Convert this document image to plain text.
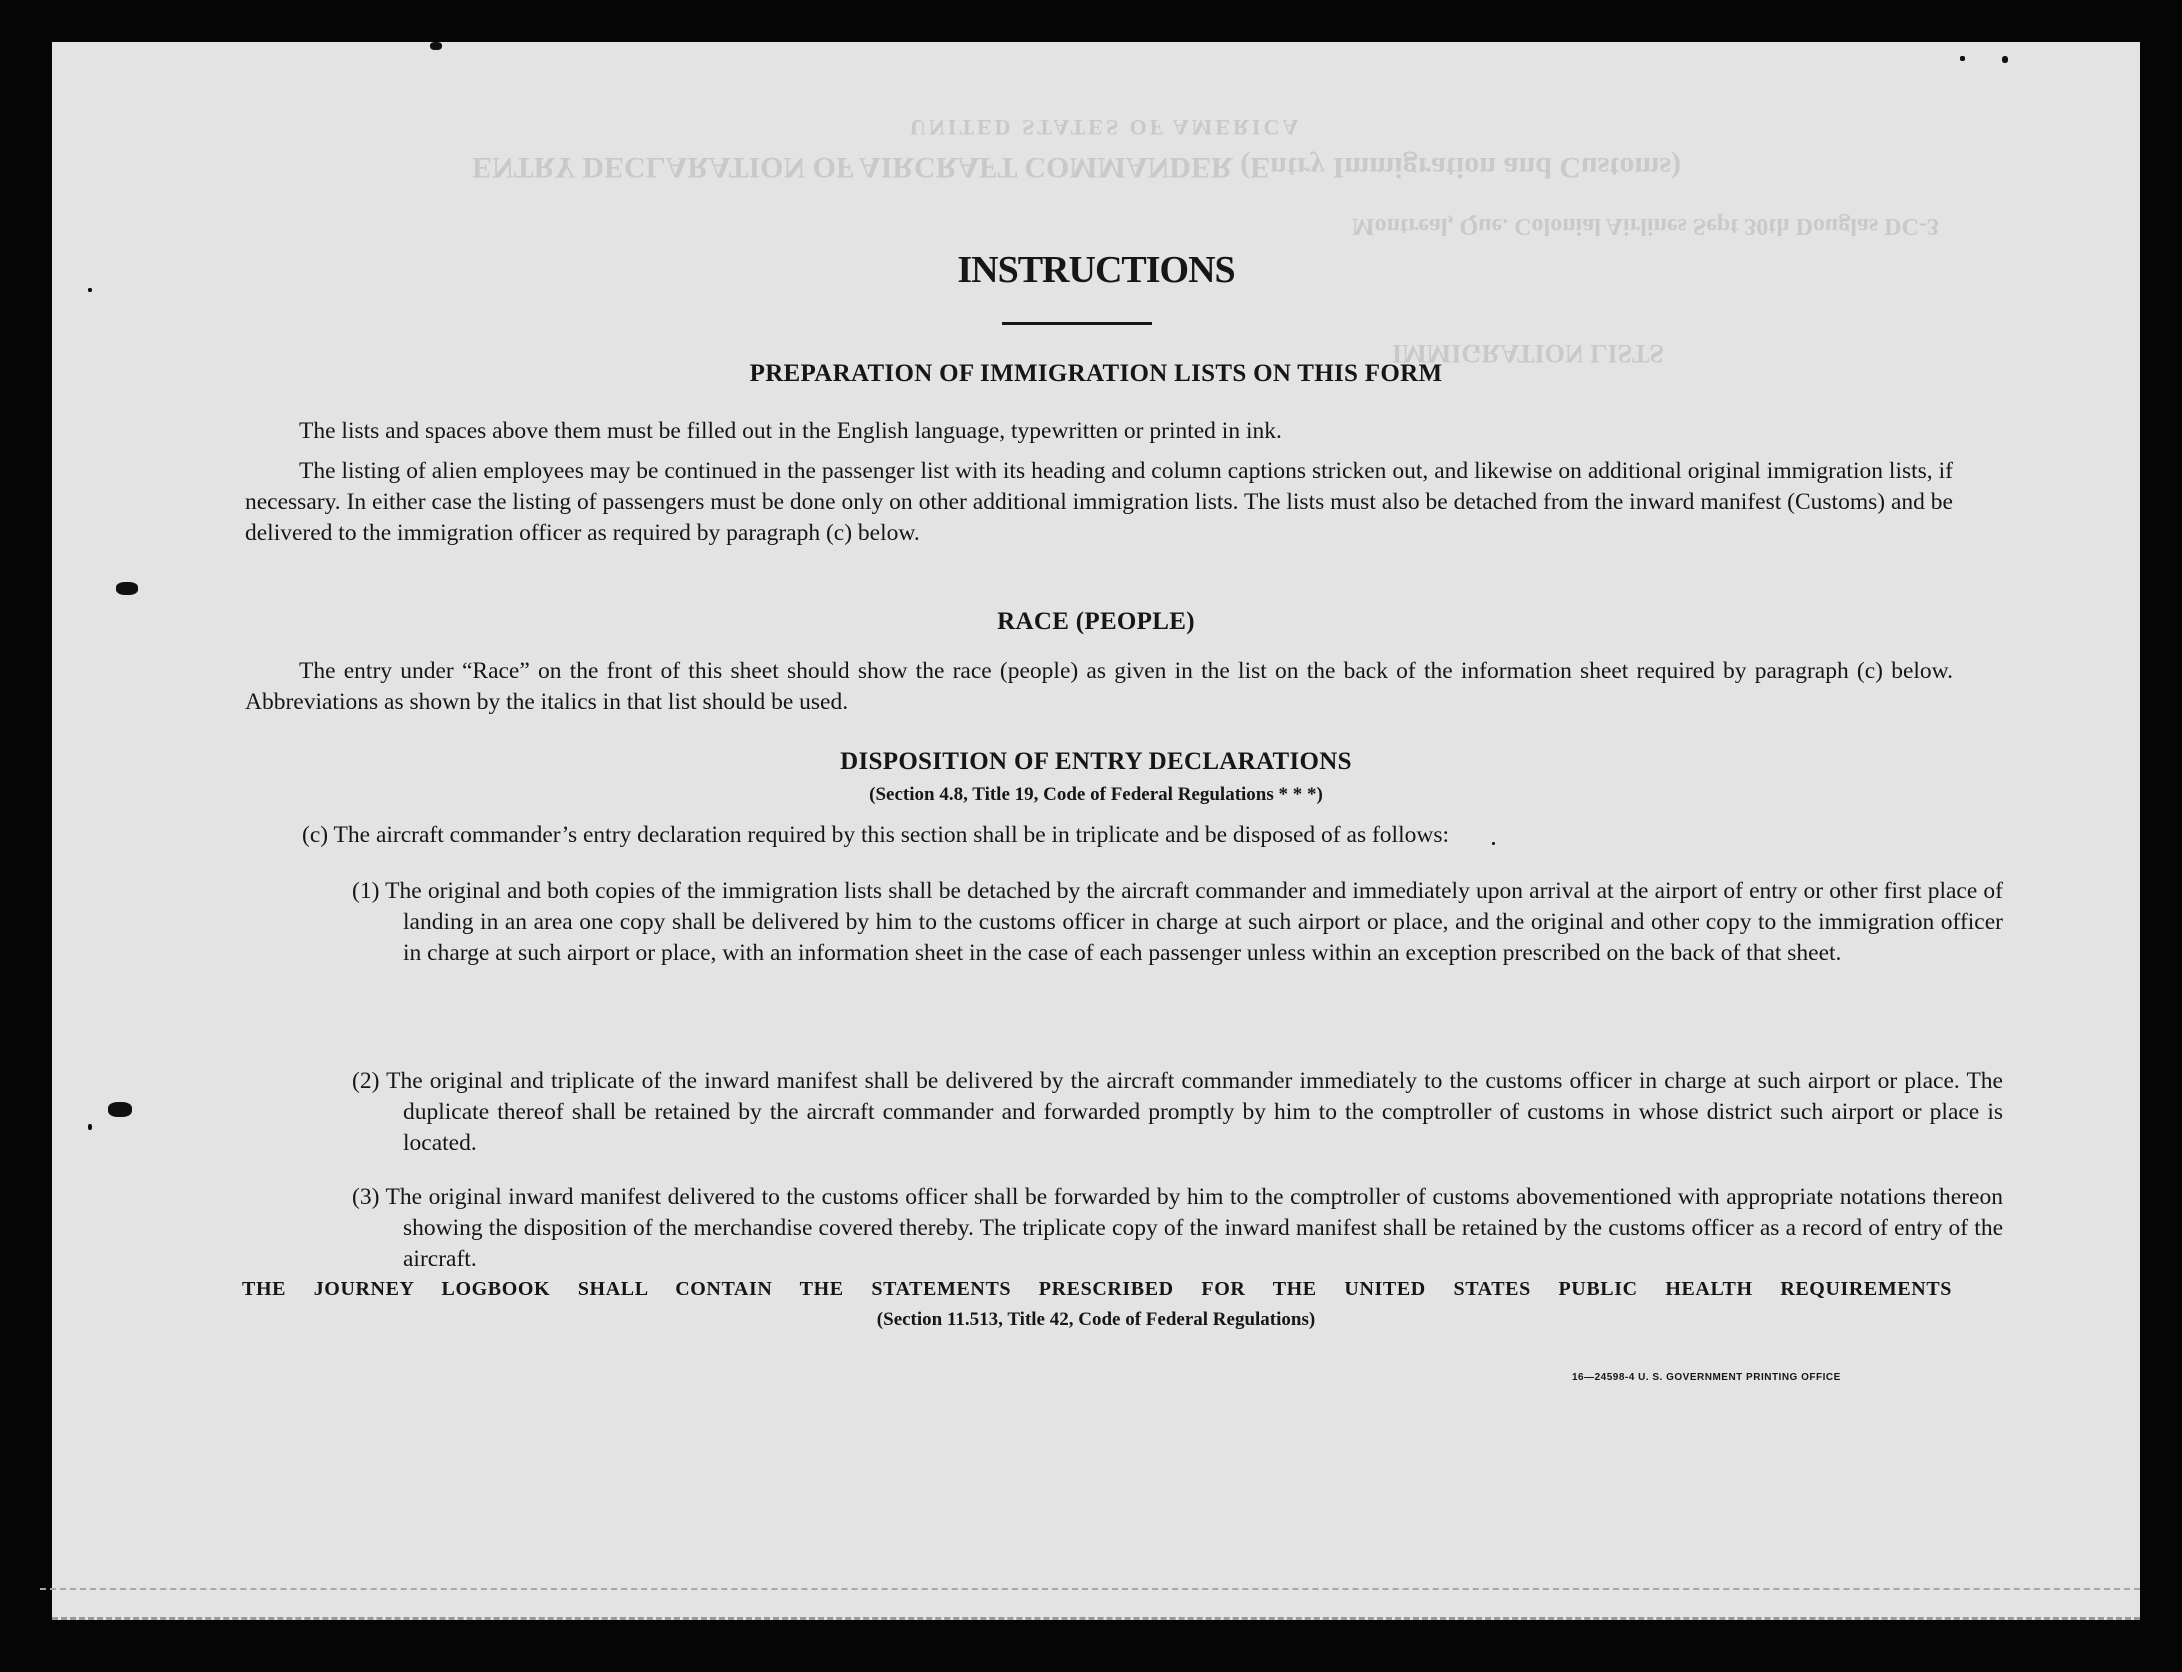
UNITED STATES OF AMERICA
ENTRY DECLARATION OF AIRCRAFT COMMANDER (Entry Immigration and Customs)
Montreal, Que. Colonial Airlines Sept 30th Douglas DC-3
IMMIGRATION LISTS
INSTRUCTIONS
PREPARATION OF IMMIGRATION LISTS ON THIS FORM

The lists and spaces above them must be filled out in the English language, typewritten or printed in ink.

The listing of alien employees may be continued in the passenger list with its heading and column captions stricken out, and likewise on additional original immigration lists, if necessary. In either case the listing of passengers must be done only on other additional immigration lists. The lists must also be detached from the inward manifest (Customs) and be delivered to the immigration officer as required by paragraph (c) below.

RACE (PEOPLE)

The entry under “Race” on the front of this sheet should show the race (people) as given in the list on the back of the information sheet required by paragraph (c) below. Abbreviations as shown by the italics in that list should be used.

DISPOSITION OF ENTRY DECLARATIONS
(Section 4.8, Title 19, Code of Federal Regulations * * *)

(c) The aircraft commander’s entry declaration required by this section shall be in triplicate and be disposed of as follows:

(1) The original and both copies of the immigration lists shall be detached by the aircraft commander and immediately upon arrival at the airport of entry or other first place of landing in an area one copy shall be delivered by him to the customs officer in charge at such airport or place, and the original and other copy to the immigration officer in charge at such airport or place, with an information sheet in the case of each passenger unless within an exception prescribed on the back of that sheet.

(2) The original and triplicate of the inward manifest shall be delivered by the aircraft commander immediately to the customs officer in charge at such airport or place. The duplicate thereof shall be retained by the aircraft commander and forwarded promptly by him to the comptroller of customs in whose district such airport or place is located.

(3) The original inward manifest delivered to the customs officer shall be forwarded by him to the comptroller of customs abovementioned with appropriate notations thereon showing the disposition of the merchandise covered thereby. The triplicate copy of the inward manifest shall be retained by the customs officer as a record of entry of the aircraft.

THE JOURNEY LOGBOOK SHALL CONTAIN THE STATEMENTS PRESCRIBED FOR THE UNITED STATES PUBLIC HEALTH REQUIREMENTS
(Section 11.513, Title 42, Code of Federal Regulations)
16—24598-4 U. S. GOVERNMENT PRINTING OFFICE
